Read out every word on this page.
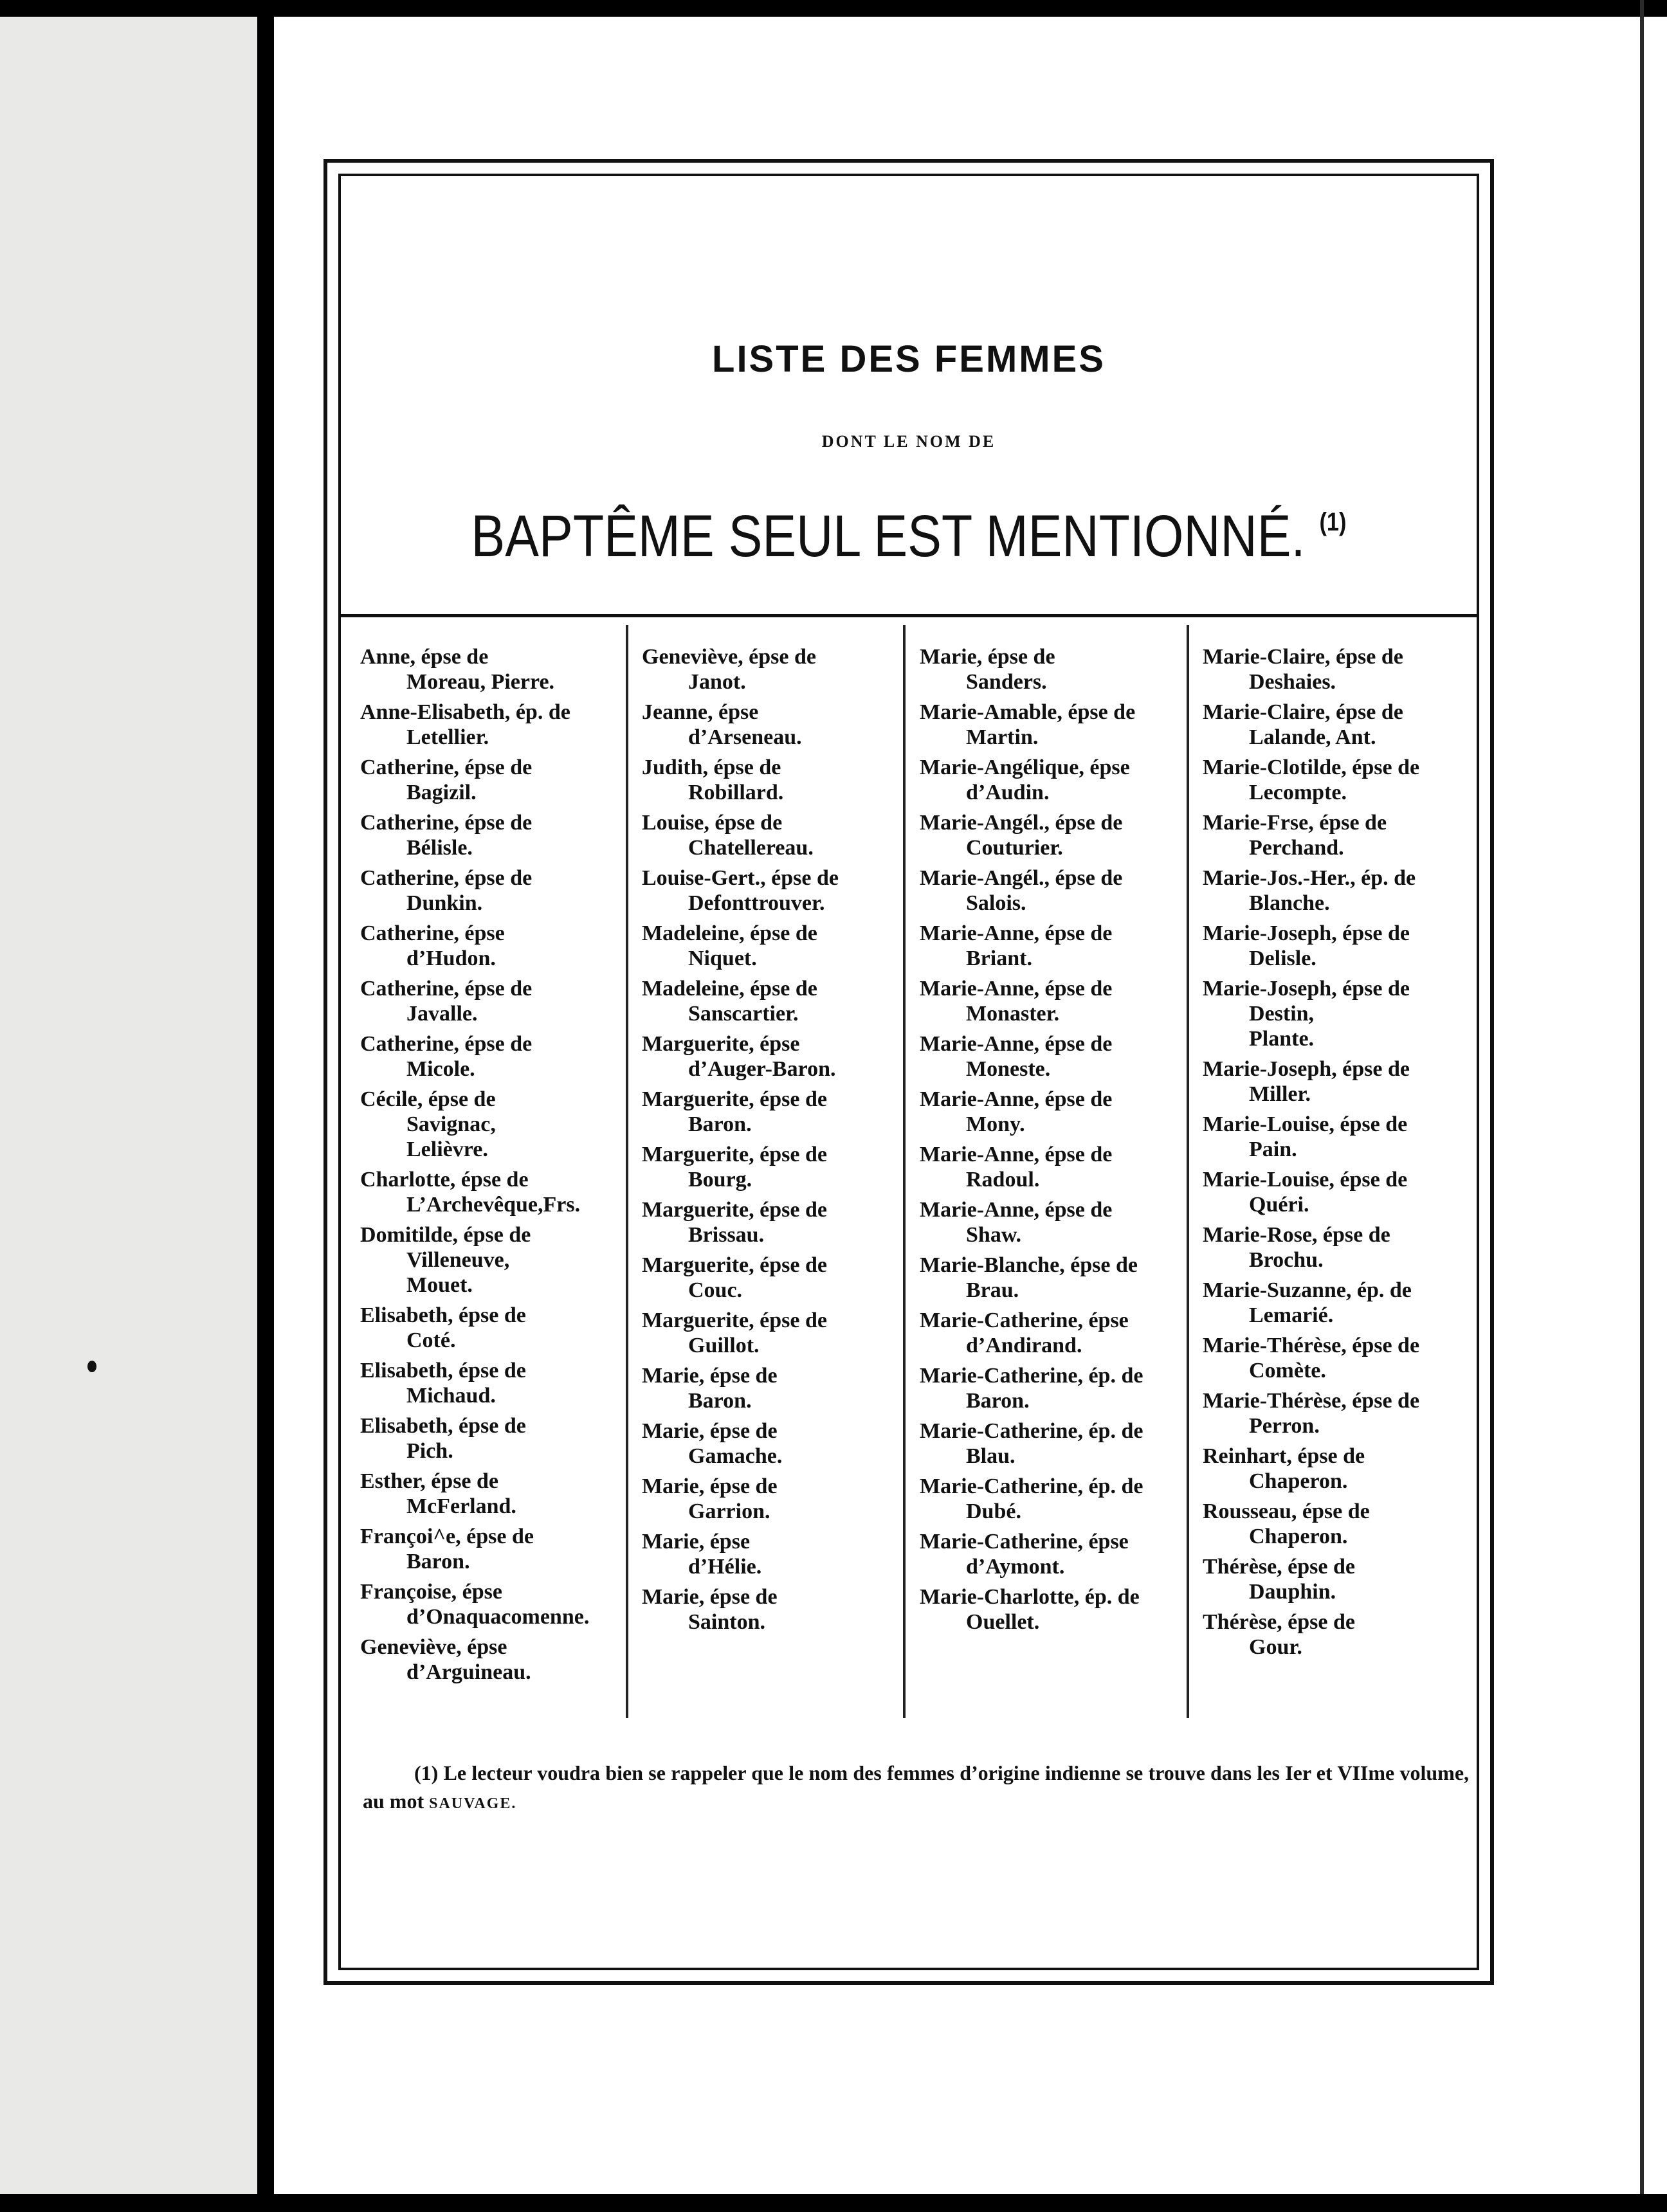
LISTE DES FEMMES
DONT LE NOM DE
BAPTÊME SEUL EST MENTIONNÉ. $^{(1)}$
Anne, épse de
Moreau, Pierre.
Anne-Elisabeth, ép. de
Letellier.
Catherine, épse de
Bagizil.
Catherine, épse de
Bélisle.
Catherine, épse de
Dunkin.
Catherine, épse
d’Hudon.
Catherine, épse de
Javalle.
Catherine, épse de
Micole.
Cécile, épse de
Savignac,
Lelièvre.
Charlotte, épse de
L’Archevêque,Frs.
Domitilde, épse de
Villeneuve,
Mouet.
Elisabeth, épse de
Coté.
Elisabeth, épse de
Michaud.
Elisabeth, épse de
Pich.
Esther, épse de
McFerland.
Françoi^e, épse de
Baron.
Françoise, épse
d’Onaquacomenne.
Geneviève, épse
d’Arguineau.
Geneviève, épse de
Janot.
Jeanne, épse
d’Arseneau.
Judith, épse de
Robillard.
Louise, épse de
Chatellereau.
Louise-Gert., épse de
Defonttrouver.
Madeleine, épse de
Niquet.
Madeleine, épse de
Sanscartier.
Marguerite, épse
d’Auger-Baron.
Marguerite, épse de
Baron.
Marguerite, épse de
Bourg.
Marguerite, épse de
Brissau.
Marguerite, épse de
Couc.
Marguerite, épse de
Guillot.
Marie, épse de
Baron.
Marie, épse de
Gamache.
Marie, épse de
Garrion.
Marie, épse
d’Hélie.
Marie, épse de
Sainton.
Marie, épse de
Sanders.
Marie-Amable, épse de
Martin.
Marie-Angélique, épse
d’Audin.
Marie-Angél., épse de
Couturier.
Marie-Angél., épse de
Salois.
Marie-Anne, épse de
Briant.
Marie-Anne, épse de
Monaster.
Marie-Anne, épse de
Moneste.
Marie-Anne, épse de
Mony.
Marie-Anne, épse de
Radoul.
Marie-Anne, épse de
Shaw.
Marie-Blanche, épse de
Brau.
Marie-Catherine, épse
d’Andirand.
Marie-Catherine, ép. de
Baron.
Marie-Catherine, ép. de
Blau.
Marie-Catherine, ép. de
Dubé.
Marie-Catherine, épse
d’Aymont.
Marie-Charlotte, ép. de
Ouellet.
Marie-Claire, épse de
Deshaies.
Marie-Claire, épse de
Lalande, Ant.
Marie-Clotilde, épse de
Lecompte.
Marie-Frse, épse de
Perchand.
Marie-Jos.-Her., ép. de
Blanche.
Marie-Joseph, épse de
Delisle.
Marie-Joseph, épse de
Destin,
Plante.
Marie-Joseph, épse de
Miller.
Marie-Louise, épse de
Pain.
Marie-Louise, épse de
Quéri.
Marie-Rose, épse de
Brochu.
Marie-Suzanne, ép. de
Lemarié.
Marie-Thérèse, épse de
Comète.
Marie-Thérèse, épse de
Perron.
Reinhart, épse de
Chaperon.
Rousseau, épse de
Chaperon.
Thérèse, épse de
Dauphin.
Thérèse, épse de
Gour.
(1) Le lecteur voudra bien se rappeler que le nom des femmes d’origine indienne se trouve dans les Ier et VIIme volume, au mot SAUVAGE.
